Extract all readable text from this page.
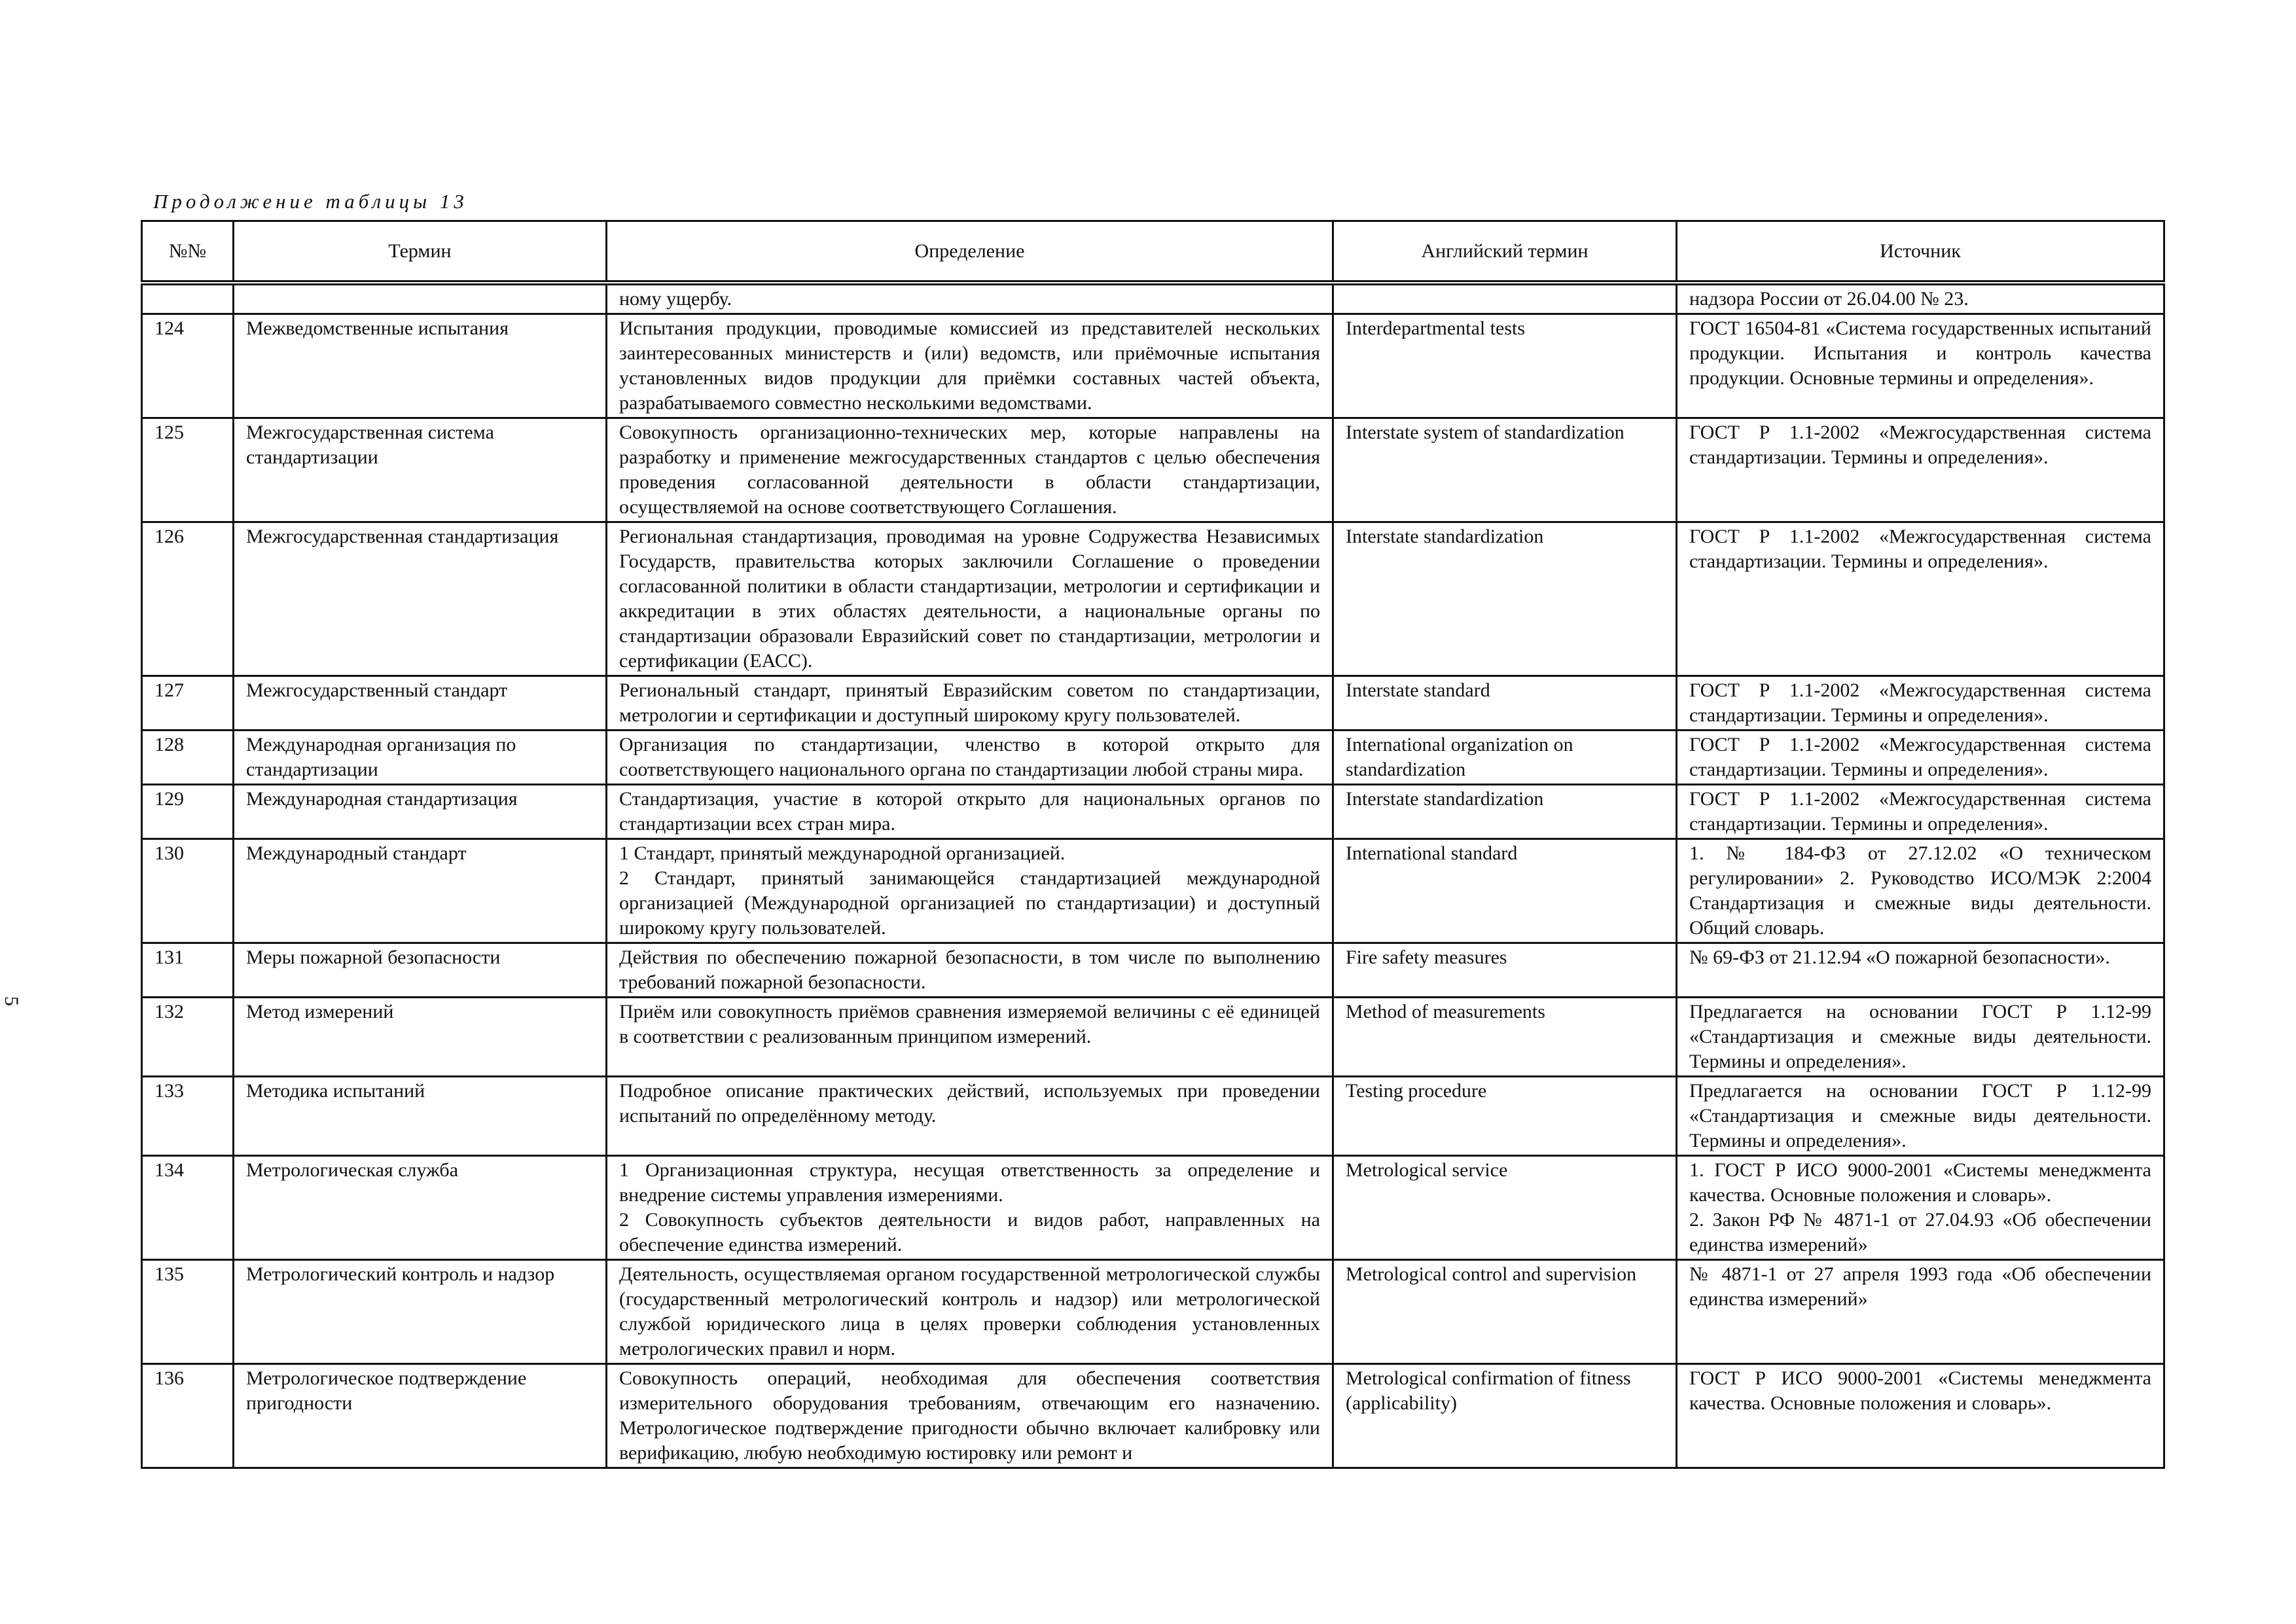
Продолжение таблицы 13
5
№№	Термин	Определение	Английский термин	Источник
		ному ущербу.		надзора России от 26.04.00 № 23.
124	Межведомственные испытания	Испытания продукции, проводимые комиссией из представителей нескольких заинтересованных министерств и (или) ведомств, или приёмочные испытания установленных видов продукции для приёмки составных частей объекта, разрабатываемого совместно несколькими ведомствами.	Interdepartmental tests	ГОСТ 16504-81 «Система государственных испытаний продукции. Испытания и контроль качества продукции. Основные термины и определения».
125	Межгосударственная система стандартизации	Совокупность организационно-технических мер, которые направлены на разработку и применение межгосударственных стандартов с целью обеспечения проведения согласованной деятельности в области стандартизации, осуществляемой на основе соответствующего Соглашения.	Interstate system of standardization	ГОСТ Р 1.1-2002 «Межгосударственная система стандартизации. Термины и определения».
126	Межгосударственная стандартизация	Региональная стандартизация, проводимая на уровне Содружества Независимых Государств, правительства которых заключили Соглашение о проведении согласованной политики в области стандартизации, метрологии и сертификации и аккредитации в этих областях деятельности, а национальные органы по стандартизации образовали Евразийский совет по стандартизации, метрологии и сертификации (ЕАСС).	Interstate standardization	ГОСТ Р 1.1-2002 «Межгосударственная система стандартизации. Термины и определения».
127	Межгосударственный стандарт	Региональный стандарт, принятый Евразийским советом по стандартизации, метрологии и сертификации и доступный широкому кругу пользователей.	Interstate standard	ГОСТ Р 1.1-2002 «Межгосударственная система стандартизации. Термины и определения».
128	Международная организация по стандартизации	Организация по стандартизации, членство в которой открыто для соответствующего национального органа по стандартизации любой страны мира.	International organization on standardization	ГОСТ Р 1.1-2002 «Межгосударственная система стандартизации. Термины и определения».
129	Международная стандартизация	Стандартизация, участие в которой открыто для национальных органов по стандартизации всех стран мира.	Interstate standardization	ГОСТ Р 1.1-2002 «Межгосударственная система стандартизации. Термины и определения».
130	Международный стандарт	1 Стандарт, принятый международной организацией.
2 Стандарт, принятый занимающейся стандартизацией международной организацией (Международной организацией по стандартизации) и доступный широкому кругу пользователей.	International standard	1. № 184-ФЗ от 27.12.02 «О техническом регулировании» 2. Руководство ИСО/МЭК 2:2004 Стандартизация и смежные виды деятельности. Общий словарь.
131	Меры пожарной безопасности	Действия по обеспечению пожарной безопасности, в том числе по выполнению требований пожарной безопасности.	Fire safety measures	№ 69-ФЗ от 21.12.94 «О пожарной безопасности».
132	Метод измерений	Приём или совокупность приёмов сравнения измеряемой величины с её единицей в соответствии с реализованным принципом измерений.	Method of measurements	Предлагается на основании ГОСТ Р 1.12-99 «Стандартизация и смежные виды деятельности. Термины и определения».
133	Методика испытаний	Подробное описание практических действий, используемых при проведении испытаний по определённому методу.	Testing procedure	Предлагается на основании ГОСТ Р 1.12-99 «Стандартизация и смежные виды деятельности. Термины и определения».
134	Метрологическая служба	1 Организационная структура, несущая ответственность за определение и внедрение системы управления измерениями.
2 Совокупность субъектов деятельности и видов работ, направленных на обеспечение единства измерений.	Metrological service	1. ГОСТ Р ИСО 9000-2001 «Системы менеджмента качества. Основные положения и словарь».
2. Закон РФ № 4871-1 от 27.04.93 «Об обеспечении единства измерений»
135	Метрологический контроль и надзор	Деятельность, осуществляемая органом государственной метрологической службы (государственный метрологический контроль и надзор) или метрологической службой юридического лица в целях проверки соблюдения установленных метрологических правил и норм.	Metrological control and supervision	№ 4871-1 от 27 апреля 1993 года «Об обеспечении единства измерений»
136	Метрологическое подтверждение пригодности	Совокупность операций, необходимая для обеспечения соответствия измерительного оборудования требованиям, отвечающим его назначению. Метрологическое подтверждение пригодности обычно включает калибровку или верификацию, любую необходимую юстировку или ремонт и	Metrological confirmation of fitness (applicability)	ГОСТ Р ИСО 9000-2001 «Системы менеджмента качества. Основные положения и словарь».
